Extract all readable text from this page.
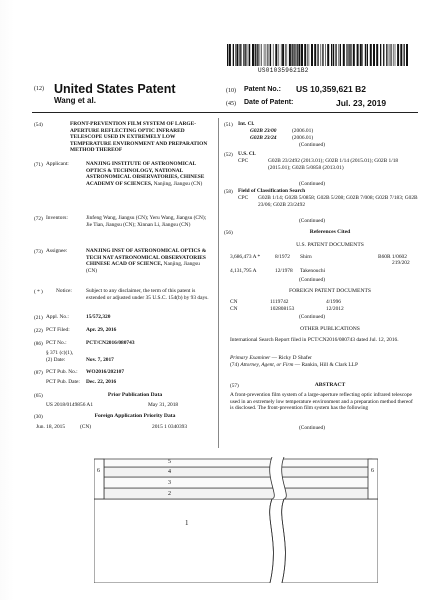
US010359621B2
(12) United States Patent
Wang et al.
(10) Patent No.: US 10,359,621 B2
(45) Date of Patent:	Jul. 23, 2019
(54)	FRONT-PREVENTION FILM SYSTEM OF LARGE-APERTURE REFLECTING OPTIC INFRARED TELESCOPE USED IN EXTREMELY LOW TEMPERATURE ENVIRONMENT AND PREPARATION METHOD THEREOF
(71) Applicant:	NANJING INSTITUTE OF ASTRONOMICAL OPTICS & TECHNOLOGY, NATIONAL ASTRONOMICAL OBSERVATORIES, CHINESE ACADEMY OF SCIENCES, Nanjing, Jiangsu (CN)
(72) Inventors:	Jinfeng Wang, Jiangsu (CN); Yeru Wang, Jiangsu (CN); Jie Tian, Jiangsu (CN); Xinnan Li, Jiangsu (CN)
(73) Assignee:	NANJING INST OF ASTRONOMICAL OPTICS & TECH NAT ASTRONOMICAL OBSERVATORIES CHINESE ACAD OF SCIENCE, Nanjing, Jiangsu (CN)
( * ) Notice:	Subject to any disclaimer, the term of this patent is extended or adjusted under 35 U.S.C. 154(b) by 93 days.
(21) Appl. No.:	15/572,320
(22) PCT Filed:	Apr. 29, 2016
(86) PCT No.:	PCT/CN2016/080743
§ 371 (c)(1),
(2) Date:	Nov. 7, 2017
(87) PCT Pub. No.: WO2016/202107
PCT Pub. Date: Dec. 22, 2016
(65)	Prior Publication Data
US 2018/0149856 A1	May 31, 2018
(30)	Foreign Application Priority Data
Jun. 18, 2015	(CN)	2015 1 0340393
(51) Int. Cl.
G02B 23/00	(2006.01)
G02B 23/24	(2006.01)
(Continued)
(52) U.S. Cl.
CPC	G02B 23/2492 (2013.01); G02B 1/14 (2015.01); G02B 1/18 (2015.01); G02B 5/0858 (2013.01)
(Continued)
(58) Field of Classification Search
CPC G02B 1/14; G02B 5/0858; G02B 5/208; G02B 7/008; G02B 7/183; G02B 23/06; G02B 23/2492
(Continued)
(56)	References Cited
U.S. PATENT DOCUMENTS
3,686,473 A *	8/1972 Shirn	B60R 1/0602
219/202
4,131,795 A	12/1978 Takenouchi
(Continued)
FOREIGN PATENT DOCUMENTS
CN	1119742	4/1996
CN	102808153	12/2012
(Continued)
OTHER PUBLICATIONS
International Search Report filed in PCT/CN2016/080743 dated Jul. 12, 2016.
Primary Examiner — Ricky D Shafer
(74) Attorney, Agent, or Firm — Rankin, Hill & Clark LLP
(57)	ABSTRACT
A front-prevention film system of a large-aperture reflecting optic infrared telescope used in an extremely low temperature environment and a preparation method thereof is disclosed. The front-prevention film system has the following
(Continued)
1
2
3
4
5
6	6
